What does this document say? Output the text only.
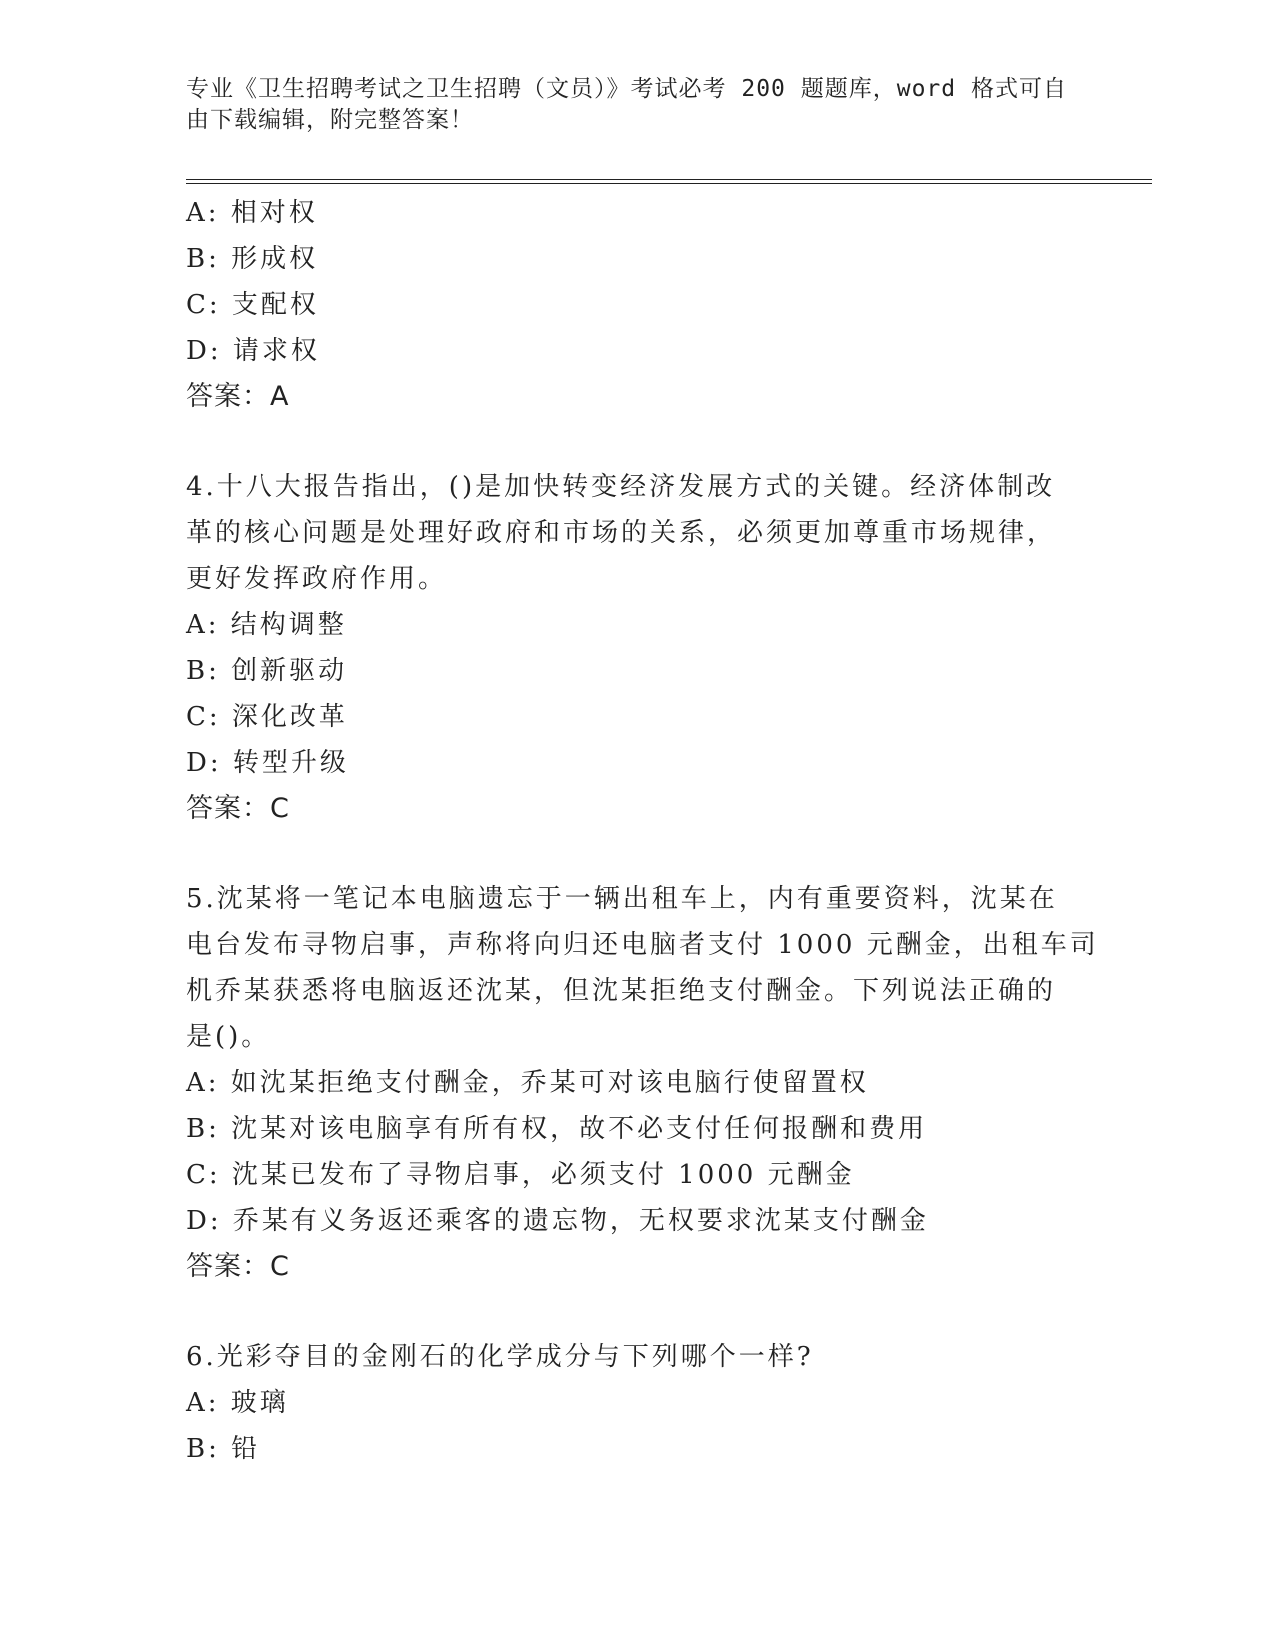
专业《卫生招聘考试之卫生招聘（文员）》考试必考 200 题题库，word 格式可自
由下载编辑，附完整答案！
A: 相对权
B: 形成权
C: 支配权
D: 请求权
答案：A
4.十八大报告指出，()是加快转变经济发展方式的关键。经济体制改
革的核心问题是处理好政府和市场的关系，必须更加尊重市场规律，
更好发挥政府作用。
A: 结构调整
B: 创新驱动
C: 深化改革
D: 转型升级
答案：C
5.沈某将一笔记本电脑遗忘于一辆出租车上，内有重要资料，沈某在
电台发布寻物启事，声称将向归还电脑者支付 1000 元酬金，出租车司
机乔某获悉将电脑返还沈某，但沈某拒绝支付酬金。下列说法正确的
是()。
A: 如沈某拒绝支付酬金，乔某可对该电脑行使留置权
B: 沈某对该电脑享有所有权，故不必支付任何报酬和费用
C: 沈某已发布了寻物启事，必须支付 1000 元酬金
D: 乔某有义务返还乘客的遗忘物，无权要求沈某支付酬金
答案：C
6.光彩夺目的金刚石的化学成分与下列哪个一样?
A: 玻璃
B: 铅
